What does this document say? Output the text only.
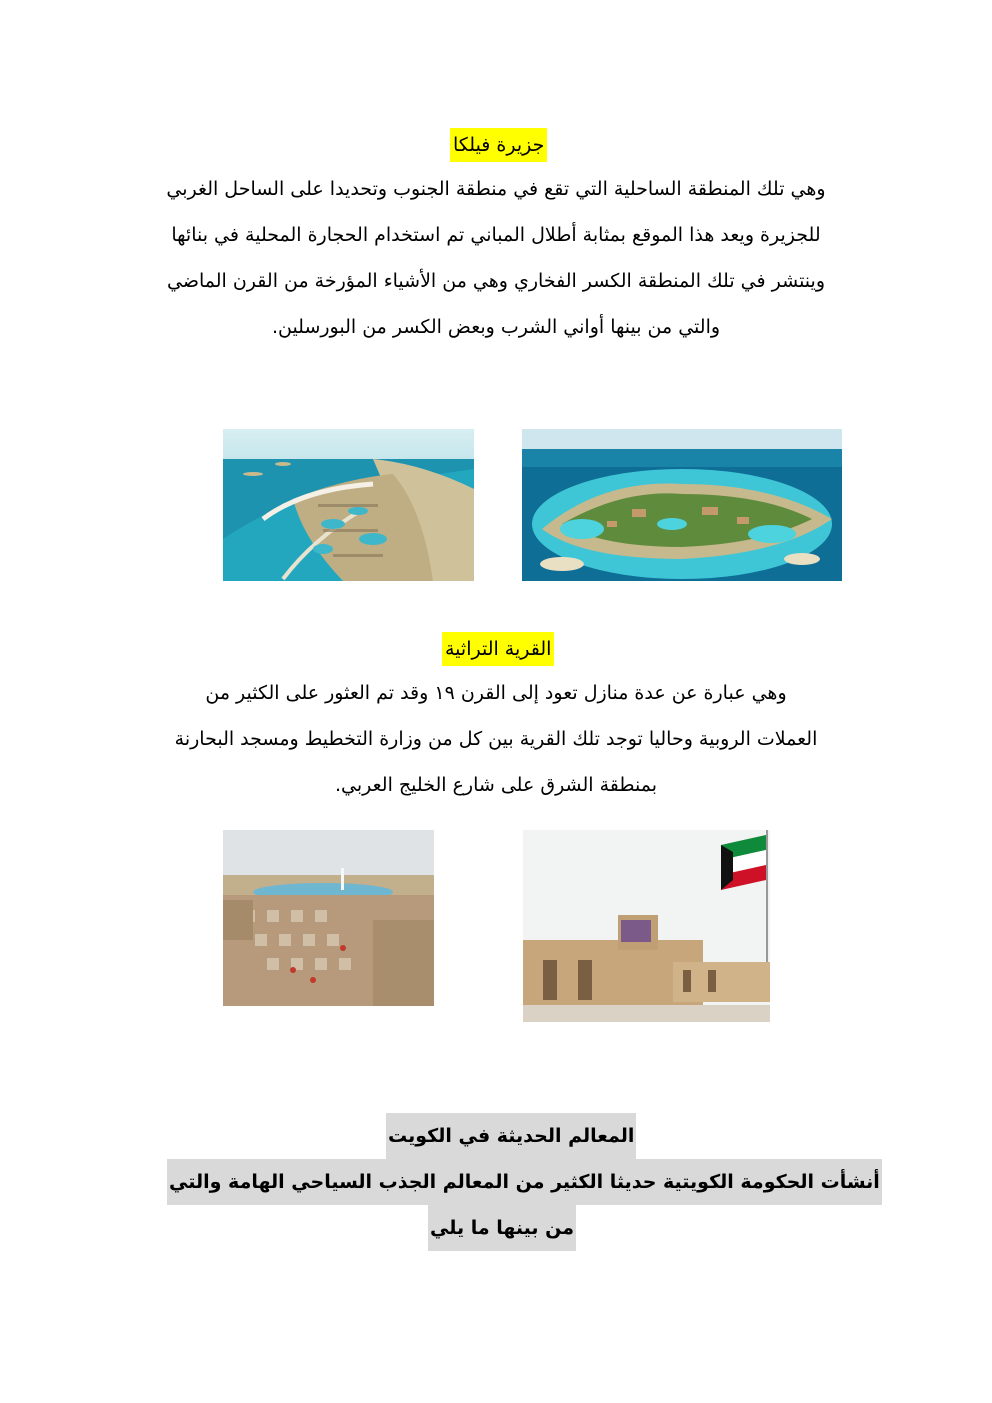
جزيرة فيلكا
وهي تلك المنطقة الساحلية التي تقع في منطقة الجنوب وتحديدا على الساحل الغربي
للجزيرة ويعد هذا الموقع بمثابة أطلال المباني تم استخدام الحجارة المحلية في بنائها
وينتشر في تلك المنطقة الكسر الفخاري وهي من الأشياء المؤرخة من القرن الماضي
والتي من بينها أواني الشرب وبعض الكسر من البورسلين.
القرية التراثية
وهي عبارة عن عدة منازل تعود إلى القرن ١٩ وقد تم العثور على الكثير من
العملات الروبية وحاليا توجد تلك القرية بين كل من وزارة التخطيط ومسجد البحارنة
بمنطقة الشرق على شارع الخليج العربي.
المعالم الحديثة في الكويت
أنشأت الحكومة الكويتية حديثا الكثير من المعالم الجذب السياحي الهامة والتي
من بينها ما يلي
